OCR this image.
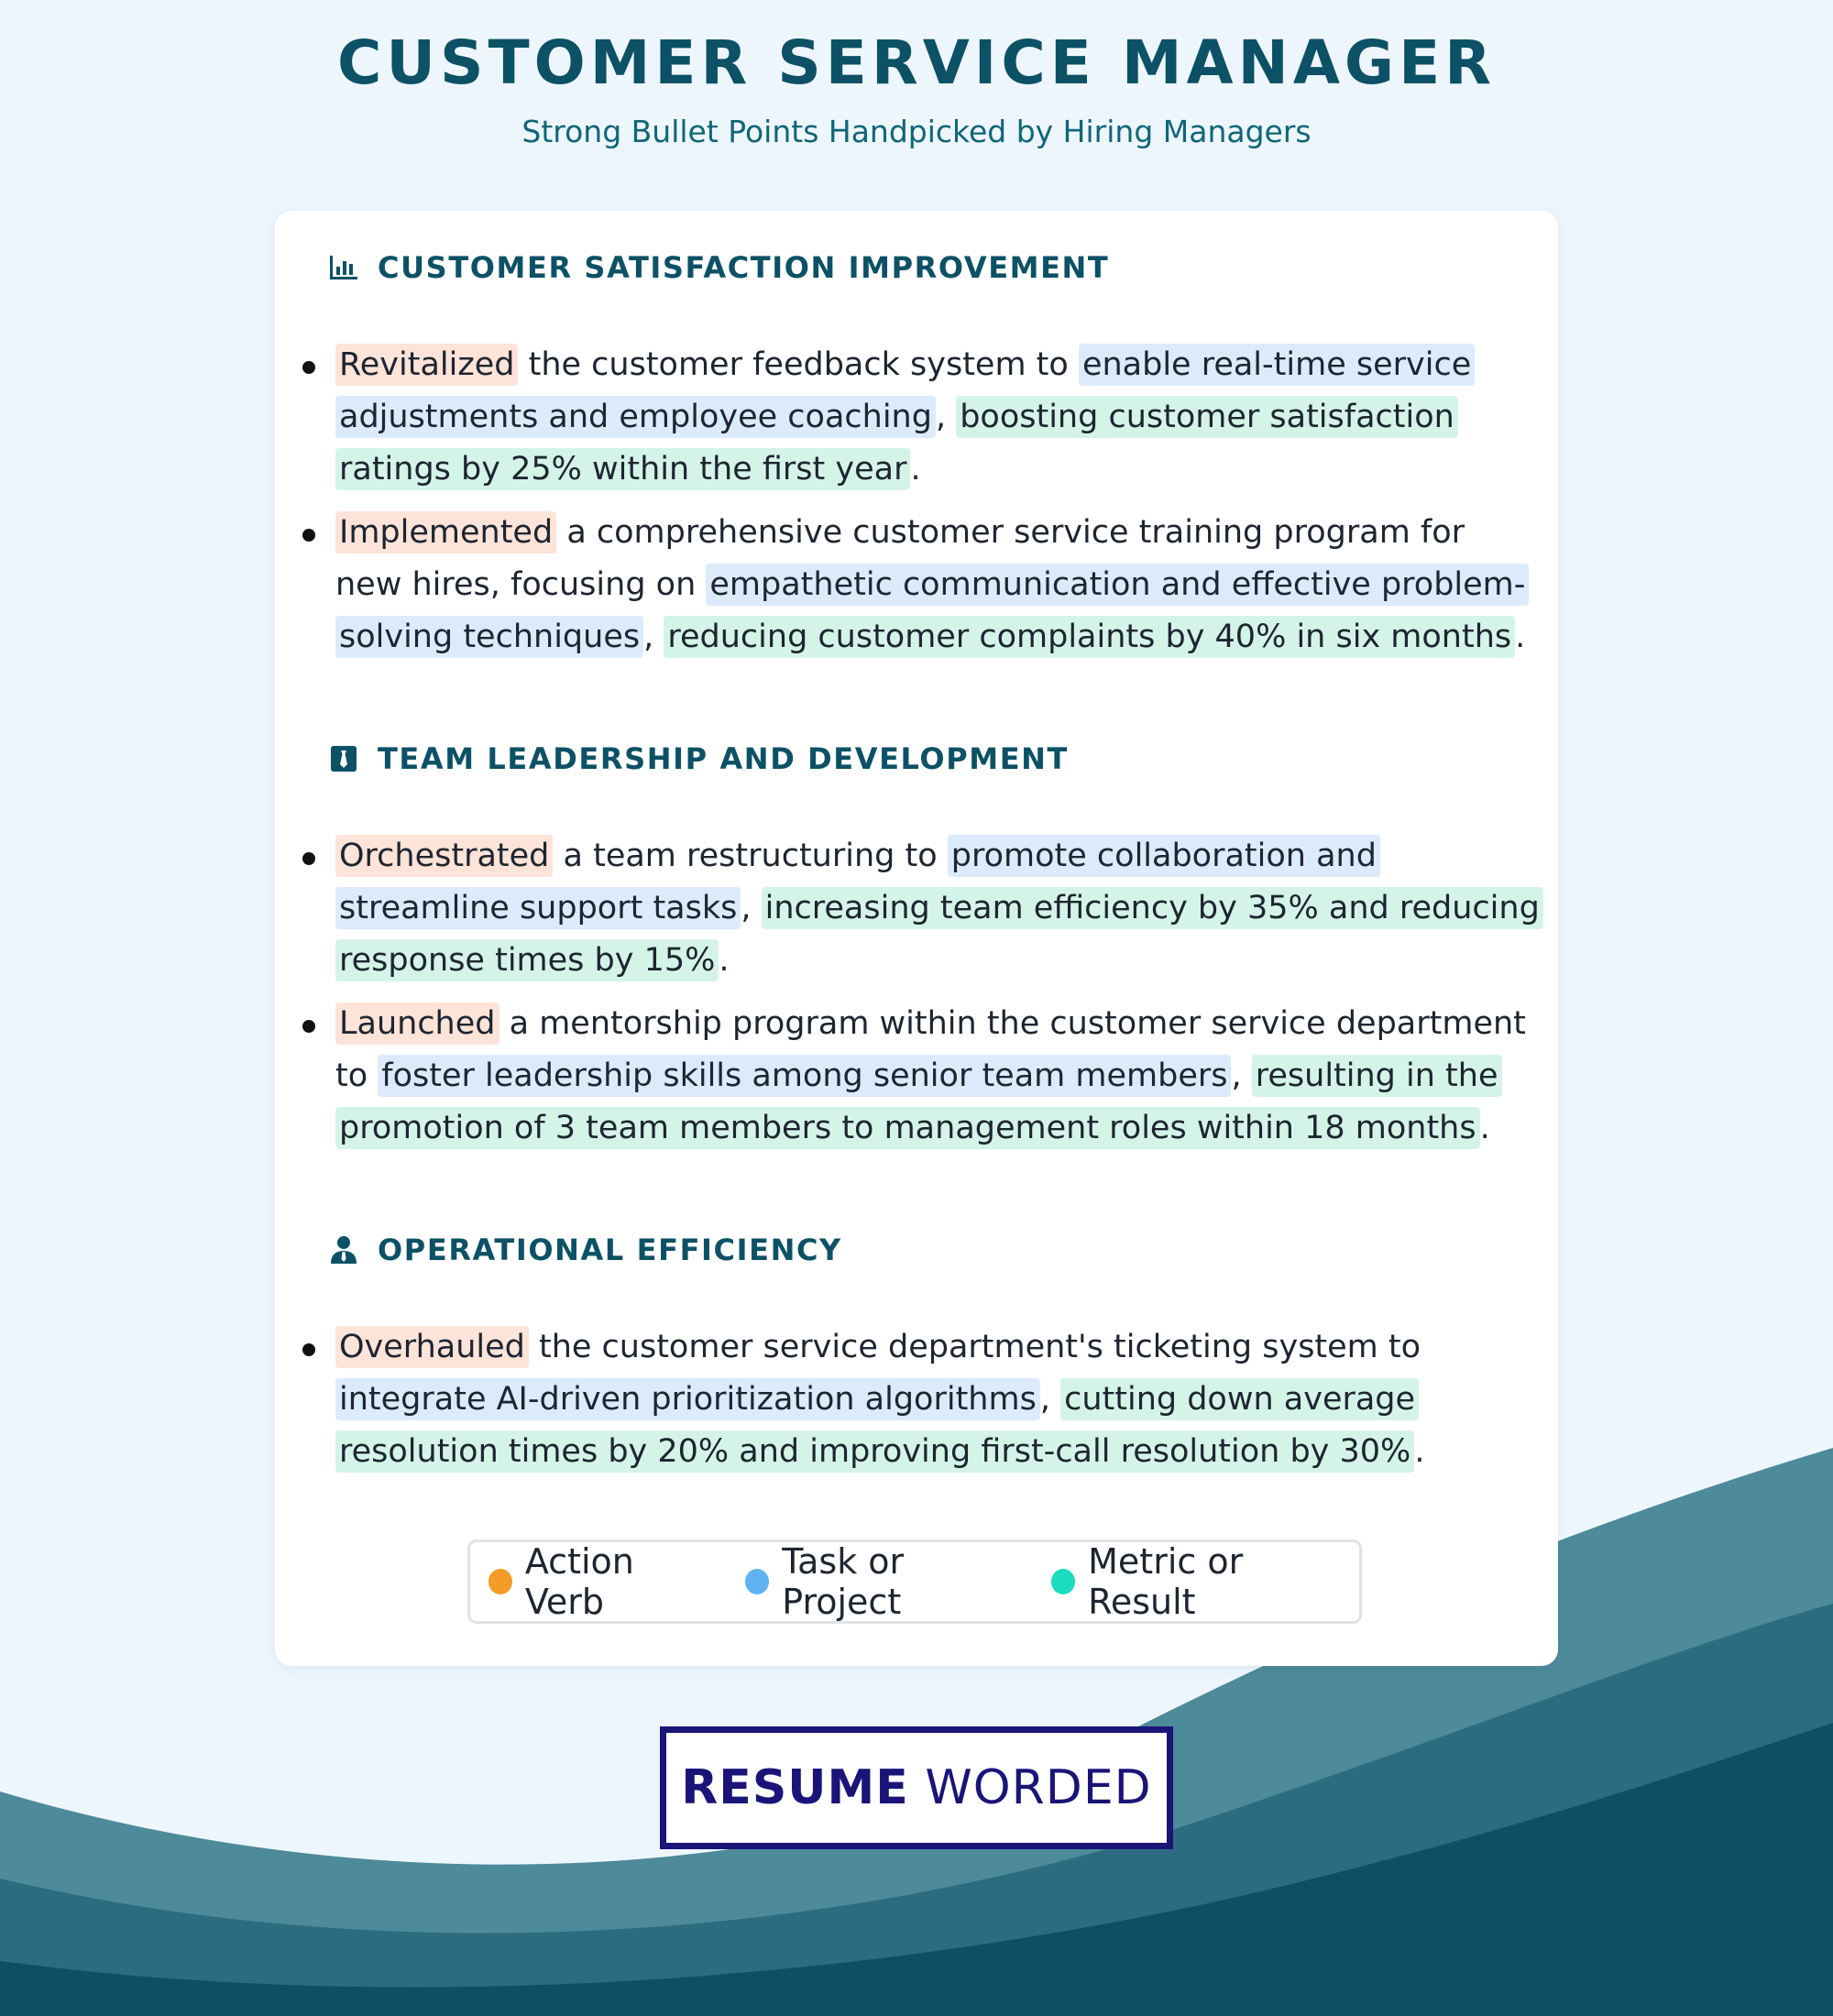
CUSTOMER SERVICE MANAGER
Strong Bullet Points Handpicked by Hiring Managers
CUSTOMER SATISFACTION IMPROVEMENT
Revitalized the customer feedback system to enable real-time service adjustments and employee coaching , boosting customer satisfaction ratings by 25% within the first year .
Implemented a comprehensive customer service training program for new hires, focusing on empathetic communication and effective problem-solving techniques , reducing customer complaints by 40% in six months .
TEAM LEADERSHIP AND DEVELOPMENT
Orchestrated a team restructuring to promote collaboration and streamline support tasks , increasing team efficiency by 35% and reducing response times by 15% .
Launched a mentorship program within the customer service department to foster leadership skills among senior team members , resulting in the promotion of 3 team members to management roles within 18 months .
OPERATIONAL EFFICIENCY
Overhauled the customer service department's ticketing system to integrate AI-driven prioritization algorithms , cutting down average resolution times by 20% and improving first-call resolution by 30% .
Action Verb
Task or Project
Metric or Result
RESUME WORDED
